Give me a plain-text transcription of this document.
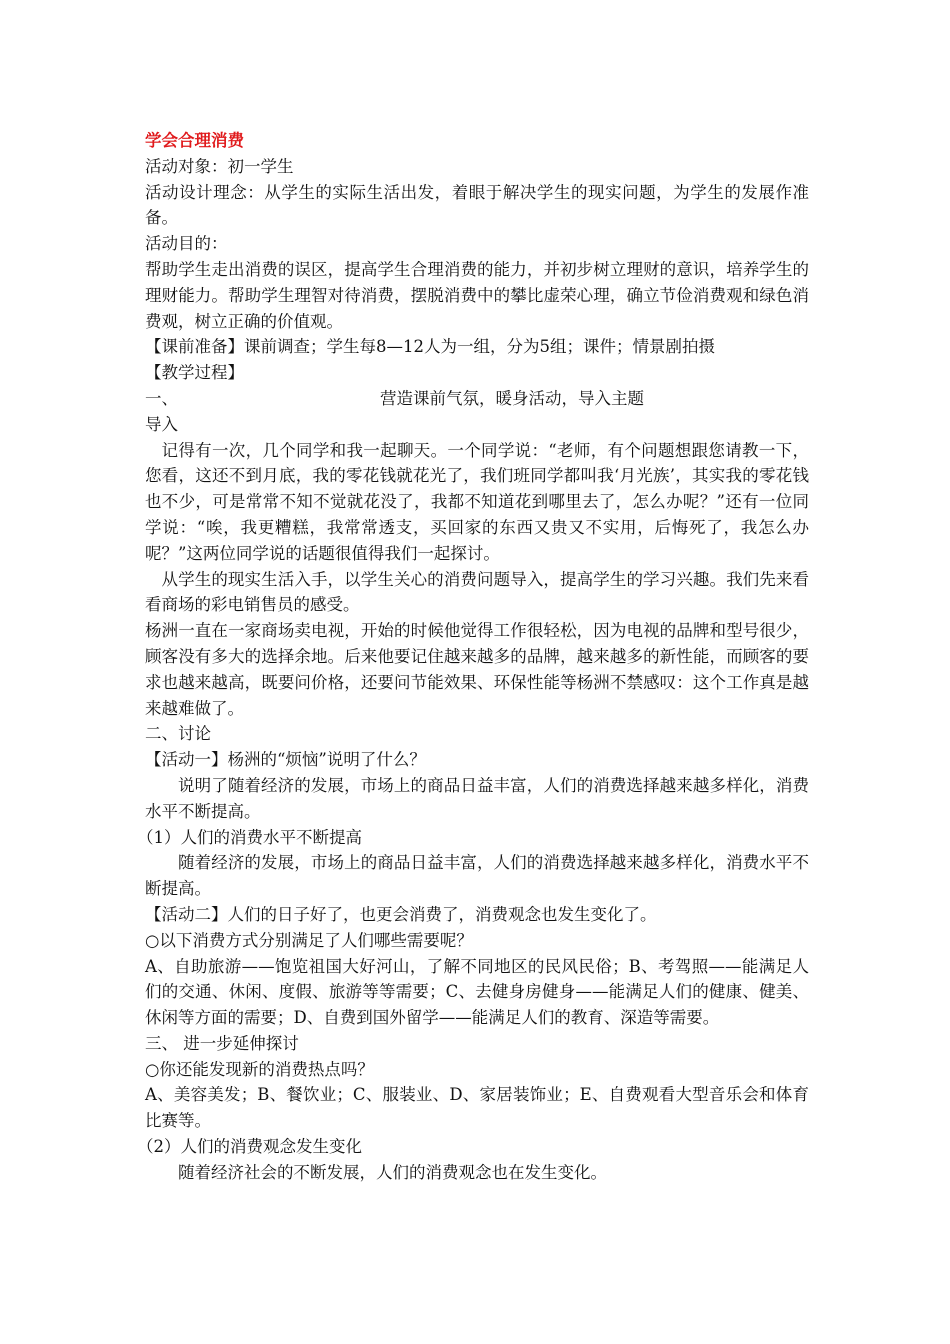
学会合理消费

活动对象：初一学生

活动设计理念：从学生的实际生活出发，着眼于解决学生的现实问题，为学生的发展作准备。

活动目的：

帮助学生走出消费的误区，提高学生合理消费的能力，并初步树立理财的意识，培养学生的理财能力。帮助学生理智对待消费，摆脱消费中的攀比虚荣心理，确立节俭消费观和绿色消费观，树立正确的价值观。

【课前准备】课前调查；学生每8—12人为一组，分为5组；课件；情景剧拍摄

【教学过程】

一、	营造课前气氛，暖身活动，导入主题

导入

记得有一次，几个同学和我一起聊天。一个同学说：“老师，有个问题想跟您请教一下，您看，这还不到月底，我的零花钱就花光了，我们班同学都叫我‘月光族’，其实我的零花钱也不少，可是常常不知不觉就花没了，我都不知道花到哪里去了，怎么办呢？”还有一位同学说：“唉，我更糟糕，我常常透支，买回家的东西又贵又不实用，后悔死了，我怎么办呢？”这两位同学说的话题很值得我们一起探讨。

从学生的现实生活入手，以学生关心的消费问题导入，提高学生的学习兴趣。我们先来看看商场的彩电销售员的感受。

杨洲一直在一家商场卖电视，开始的时候他觉得工作很轻松，因为电视的品牌和型号很少，顾客没有多大的选择余地。后来他要记住越来越多的品牌，越来越多的新性能，而顾客的要求也越来越高，既要问价格，还要问节能效果、环保性能等杨洲不禁感叹：这个工作真是越来越难做了。

二、讨论

【活动一】杨洲的“烦恼”说明了什么？

说明了随着经济的发展，市场上的商品日益丰富，人们的消费选择越来越多样化，消费水平不断提高。

（1）人们的消费水平不断提高

随着经济的发展，市场上的商品日益丰富，人们的消费选择越来越多样化，消费水平不断提高。

【活动二】人们的日子好了，也更会消费了，消费观念也发生变化了。

○以下消费方式分别满足了人们哪些需要呢？

A、自助旅游——饱览祖国大好河山，了解不同地区的民风民俗；B、考驾照——能满足人们的交通、休闲、度假、旅游等等需要；C、去健身房健身——能满足人们的健康、健美、休闲等方面的需要；D、自费到国外留学——能满足人们的教育、深造等需要。

三、 进一步延伸探讨

○你还能发现新的消费热点吗？

A、美容美发；B、餐饮业；C、服装业、D、家居装饰业；E、自费观看大型音乐会和体育比赛等。

（2）人们的消费观念发生变化

随着经济社会的不断发展，人们的消费观念也在发生变化。
